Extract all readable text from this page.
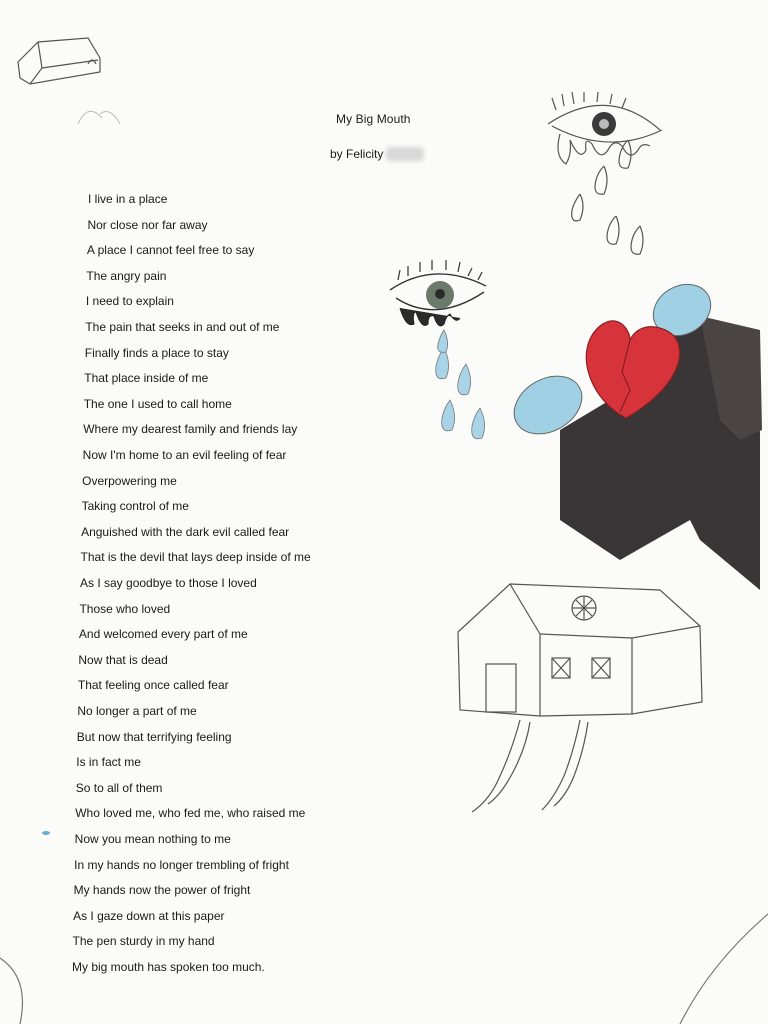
My Big Mouth
by Felicity
I live in a place
Nor close nor far away
A place I cannot feel free to say
The angry pain
I need to explain
The pain that seeks in and out of me
Finally finds a place to stay
That place inside of me
The one I used to call home
Where my dearest family and friends lay
Now I'm home to an evil feeling of fear
Overpowering me
Taking control of me
Anguished with the dark evil called fear
That is the devil that lays deep inside of me
As I say goodbye to those I loved
Those who loved
And welcomed every part of me
Now that is dead
That feeling once called fear
No longer a part of me
But now that terrifying feeling
Is in fact me
So to all of them
Who loved me, who fed me, who raised me
Now you mean nothing to me
In my hands no longer trembling of fright
My hands now the power of fright
As I gaze down at this paper
The pen sturdy in my hand
My big mouth has spoken too much.
